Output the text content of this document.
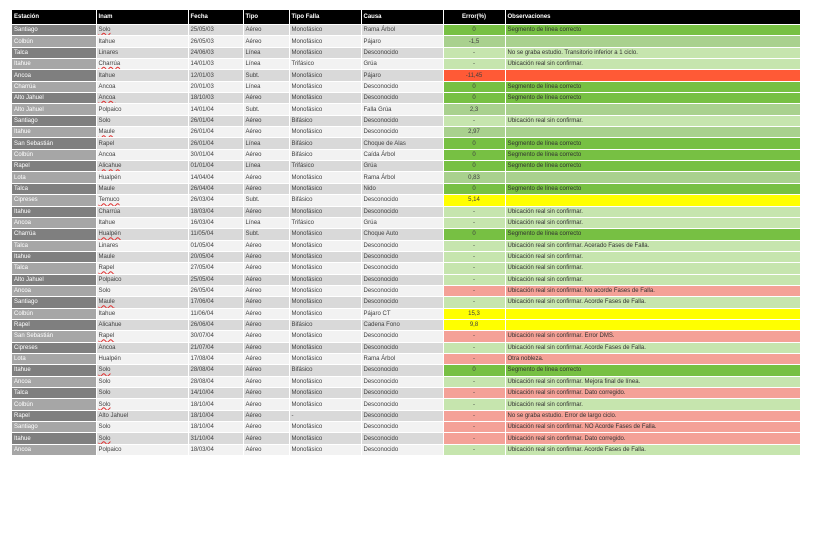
Estación	Inam	Fecha	Tipo	Tipo Falla	Causa	Error(%)	Observaciones
Santiago	Solo	25/05/03	Aéreo	Monofásico	Rama Árbol	0	Segmento de línea correcto
Colbún	Itahue	26/05/03	Aéreo	Monofásico	Pájaro	-1,5	
Talca	Linares	24/06/03	Línea	Monofásico	Desconocido	-	No se graba estudio. Transitorio inferior a 1 ciclo.
Itahue	Charrúa	14/01/03	Línea	Trifásico	Grúa	-	Ubicación real sin confirmar.
Ancoa	Itahue	12/01/03	Subt.	Monofásico	Pájaro	-11,45	
Charrúa	Ancoa	20/01/03	Línea	Monofásico	Desconocido	0	Segmento de línea correcto
Alto Jahuel	Ancoa	18/10/03	Aéreo	Monofásico	Desconocido	0	Segmento de línea correcto
Alto Jahuel	Polpaico	14/01/04	Subt.	Monofásico	Falla Grúa	2,3	
Santiago	Solo	26/01/04	Aéreo	Bifásico	Desconocido	-	Ubicación real sin confirmar.
Itahue	Maule	26/01/04	Aéreo	Monofásico	Desconocido	2,97	
San Sebastián	Rapel	26/01/04	Línea	Bifásico	Choque de Alas	0	Segmento de línea correcto
Colbún	Ancoa	30/01/04	Aéreo	Bifásico	Caída Árbol	0	Segmento de línea correcto
Rapel	Alicahue	01/01/04	Línea	Trifásico	Grúa	0	Segmento de línea correcto
Lota	Hualpén	14/04/04	Aéreo	Monofásico	Rama Árbol	0,83	
Talca	Maule	26/04/04	Aéreo	Monofásico	Nido	0	Segmento de línea correcto
Cipreses	Temuco	26/03/04	Subt.	Bifásico	Desconocido	5,14	
Itahue	Charrúa	18/03/04	Aéreo	Monofásico	Desconocido	-	Ubicación real sin confirmar.
Ancoa	Itahue	16/03/04	Línea	Trifásico	Grúa	-	Ubicación real sin confirmar.
Charrúa	Hualpén	11/05/04	Subt.	Monofásico	Choque Auto	0	Segmento de línea correcto
Talca	Linares	01/05/04	Aéreo	Monofásico	Desconocido	-	Ubicación real sin confirmar. Acerado Fases de Falla.
Itahue	Maule	20/05/04	Aéreo	Monofásico	Desconocido	-	Ubicación real sin confirmar.
Talca	Rapel	27/05/04	Aéreo	Monofásico	Desconocido	-	Ubicación real sin confirmar.
Alto Jahuel	Polpaico	25/05/04	Aéreo	Monofásico	Desconocido	-	Ubicación real sin confirmar.
Ancoa	Solo	26/05/04	Aéreo	Monofásico	Desconocido	-	Ubicación real sin confirmar. No acorde Fases de Falla.
Santiago	Maule	17/06/04	Aéreo	Monofásico	Desconocido	-	Ubicación real sin confirmar. Acorde Fases de Falla.
Colbún	Itahue	11/06/04	Aéreo	Monofásico	Pájaro CT	15,3	
Rapel	Alicahue	26/06/04	Aéreo	Bifásico	Cadena Fono	9,8	
San Sebastián	Rapel	30/07/04	Aéreo	Monofásico	Desconocido	-	Ubicación real sin confirmar. Error DMS.
Cipreses	Ancoa	21/07/04	Aéreo	Monofásico	Desconocido	-	Ubicación real sin confirmar. Acorde Fases de Falla.
Lota	Hualpén	17/08/04	Aéreo	Monofásico	Rama Árbol	-	Otra nobleza.
Itahue	Solo	28/08/04	Aéreo	Bifásico	Desconocido	0	Segmento de línea correcto
Ancoa	Solo	28/08/04	Aéreo	Monofásico	Desconocido	-	Ubicación real sin confirmar. Mejora final de línea.
Talca	Solo	14/10/04	Aéreo	Monofásico	Desconocido	-	Ubicación real sin confirmar. Dato corregido.
Colbún	Solo	18/10/04	Aéreo	Monofásico	Desconocido	-	Ubicación real sin confirmar.
Rapel	Alto Jahuel	18/10/04	Aéreo	-	Desconocido	-	No se graba estudio. Error de largo ciclo.
Santiago	Solo	18/10/04	Aéreo	Monofásico	Desconocido	-	Ubicación real sin confirmar. NO Acorde Fases de Falla.
Itahue	Solo	31/10/04	Aéreo	Monofásico	Desconocido	-	Ubicación real sin confirmar. Dato corregido.
Ancoa	Polpaico	18/03/04	Aéreo	Monofásico	Desconocido	-	Ubicación real sin confirmar. Acorde Fases de Falla.
